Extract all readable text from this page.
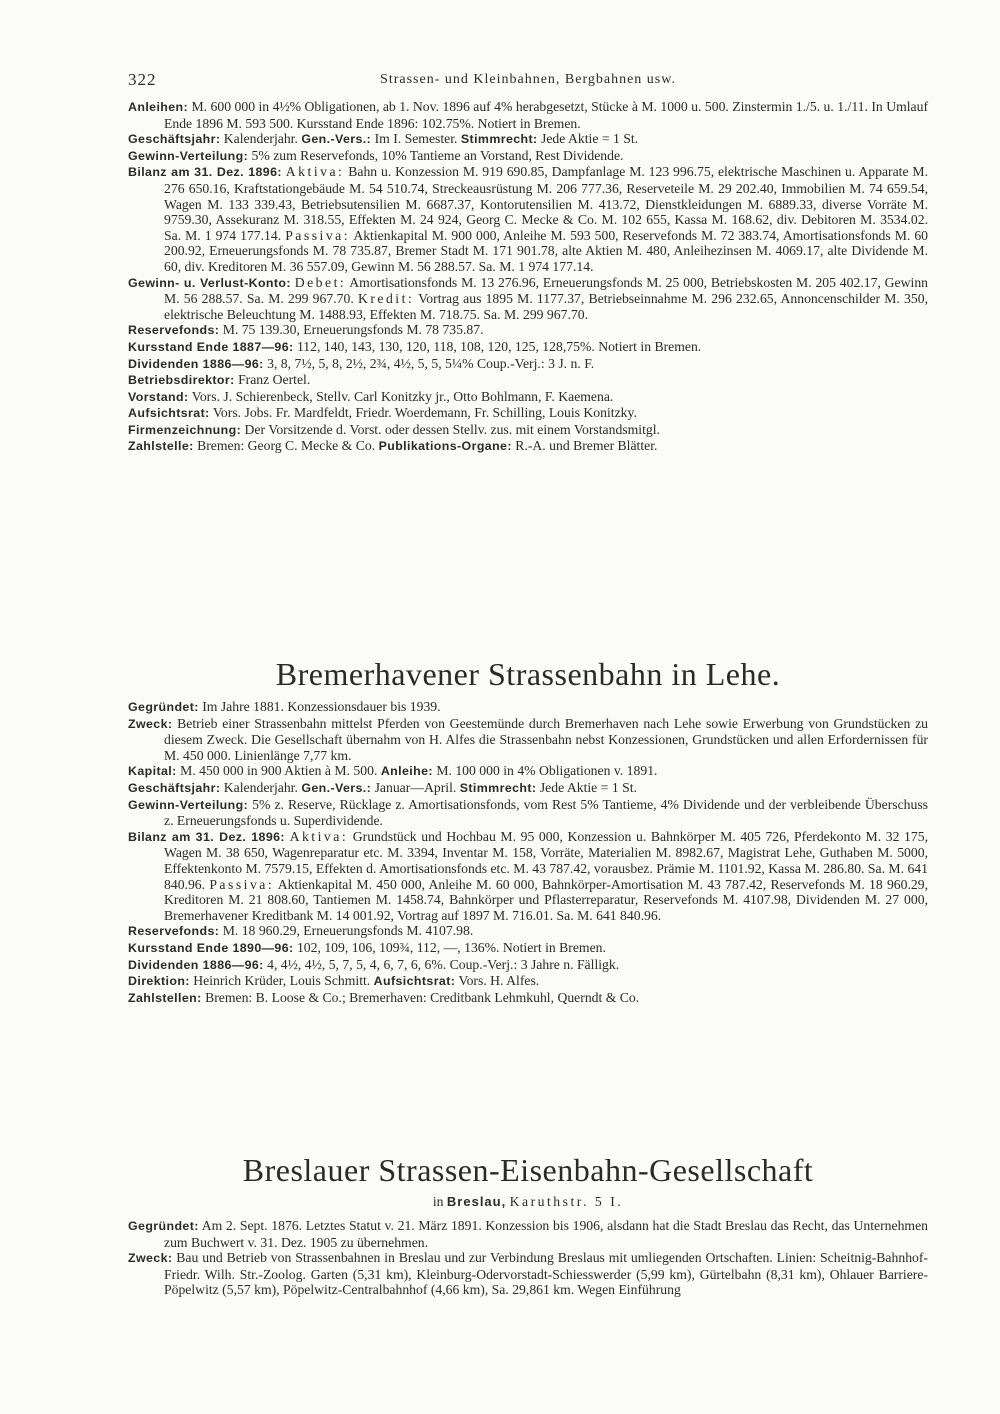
322	Strassen- und Kleinbahnen, Bergbahnen usw.

Anleihen: M. 600 000 in 4½% Obligationen, ab 1. Nov. 1896 auf 4% herabgesetzt, Stücke à M. 1000 u. 500. Zinstermin 1./5. u. 1./11. In Umlauf Ende 1896 M. 593 500. Kursstand Ende 1896: 102.75%. Notiert in Bremen.

Geschäftsjahr: Kalenderjahr. Gen.-Vers.: Im I. Semester. Stimmrecht: Jede Aktie = 1 St.

Gewinn-Verteilung: 5% zum Reservefonds, 10% Tantieme an Vorstand, Rest Dividende.

Bilanz am 31. Dez. 1896: Aktiva: Bahn u. Konzession M. 919 690.85, Dampfanlage M. 123 996.75, elektrische Maschinen u. Apparate M. 276 650.16, Kraftstationgebäude M. 54 510.74, Streckeausrüstung M. 206 777.36, Reserveteile M. 29 202.40, Immobilien M. 74 659.54, Wagen M. 133 339.43, Betriebsutensilien M. 6687.37, Kontorutensilien M. 413.72, Dienstkleidungen M. 6889.33, diverse Vorräte M. 9759.30, Assekuranz M. 318.55, Effekten M. 24 924, Georg C. Mecke & Co. M. 102 655, Kassa M. 168.62, div. Debitoren M. 3534.02. Sa. M. 1 974 177.14. Passiva: Aktienkapital M. 900 000, Anleihe M. 593 500, Reservefonds M. 72 383.74, Amortisationsfonds M. 60 200.92, Erneuerungsfonds M. 78 735.87, Bremer Stadt M. 171 901.78, alte Aktien M. 480, Anleihezinsen M. 4069.17, alte Dividende M. 60, div. Kreditoren M. 36 557.09, Gewinn M. 56 288.57. Sa. M. 1 974 177.14.

Gewinn- u. Verlust-Konto: Debet: Amortisationsfonds M. 13 276.96, Erneuerungsfonds M. 25 000, Betriebskosten M. 205 402.17, Gewinn M. 56 288.57. Sa. M. 299 967.70. Kredit: Vortrag aus 1895 M. 1177.37, Betriebseinnahme M. 296 232.65, Annoncenschilder M. 350, elektrische Beleuchtung M. 1488.93, Effekten M. 718.75. Sa. M. 299 967.70.

Reservefonds: M. 75 139.30, Erneuerungsfonds M. 78 735.87.

Kursstand Ende 1887—96: 112, 140, 143, 130, 120, 118, 108, 120, 125, 128,75%. Notiert in Bremen.

Dividenden 1886—96: 3, 8, 7½, 5, 8, 2½, 2¾, 4½, 5, 5, 5¼% Coup.-Verj.: 3 J. n. F.

Betriebsdirektor: Franz Oertel.

Vorstand: Vors. J. Schierenbeck, Stellv. Carl Konitzky jr., Otto Bohlmann, F. Kaemena.

Aufsichtsrat: Vors. Jobs. Fr. Mardfeldt, Friedr. Woerdemann, Fr. Schilling, Louis Konitzky.

Firmenzeichnung: Der Vorsitzende d. Vorst. oder dessen Stellv. zus. mit einem Vorstandsmitgl.

Zahlstelle: Bremen: Georg C. Mecke & Co. Publikations-Organe: R.-A. und Bremer Blätter.

Bremerhavener Strassenbahn in Lehe.

Gegründet: Im Jahre 1881. Konzessionsdauer bis 1939.

Zweck: Betrieb einer Strassenbahn mittelst Pferden von Geestemünde durch Bremerhaven nach Lehe sowie Erwerbung von Grundstücken zu diesem Zweck. Die Gesellschaft übernahm von H. Alfes die Strassenbahn nebst Konzessionen, Grundstücken und allen Erfordernissen für M. 450 000. Linienlänge 7,77 km.

Kapital: M. 450 000 in 900 Aktien à M. 500. Anleihe: M. 100 000 in 4% Obligationen v. 1891.

Geschäftsjahr: Kalenderjahr. Gen.-Vers.: Januar—April. Stimmrecht: Jede Aktie = 1 St.

Gewinn-Verteilung: 5% z. Reserve, Rücklage z. Amortisationsfonds, vom Rest 5% Tantieme, 4% Dividende und der verbleibende Überschuss z. Erneuerungsfonds u. Superdividende.

Bilanz am 31. Dez. 1896: Aktiva: Grundstück und Hochbau M. 95 000, Konzession u. Bahnkörper M. 405 726, Pferdekonto M. 32 175, Wagen M. 38 650, Wagenreparatur etc. M. 3394, Inventar M. 158, Vorräte, Materialien M. 8982.67, Magistrat Lehe, Guthaben M. 5000, Effektenkonto M. 7579.15, Effekten d. Amortisationsfonds etc. M. 43 787.42, vorausbez. Prämie M. 1101.92, Kassa M. 286.80. Sa. M. 641 840.96. Passiva: Aktienkapital M. 450 000, Anleihe M. 60 000, Bahnkörper-Amortisation M. 43 787.42, Reservefonds M. 18 960.29, Kreditoren M. 21 808.60, Tantiemen M. 1458.74, Bahnkörper und Pflasterreparatur, Reservefonds M. 4107.98, Dividenden M. 27 000, Bremerhavener Kreditbank M. 14 001.92, Vortrag auf 1897 M. 716.01. Sa. M. 641 840.96.

Reservefonds: M. 18 960.29, Erneuerungsfonds M. 4107.98.

Kursstand Ende 1890—96: 102, 109, 106, 109¾, 112, —, 136%. Notiert in Bremen.

Dividenden 1886—96: 4, 4½, 4½, 5, 7, 5, 4, 6, 7, 6, 6%. Coup.-Verj.: 3 Jahre n. Fälligk.

Direktion: Heinrich Krüder, Louis Schmitt. Aufsichtsrat: Vors. H. Alfes.

Zahlstellen: Bremen: B. Loose & Co.; Bremerhaven: Creditbank Lehmkuhl, Querndt & Co.

Breslauer Strassen-Eisenbahn-Gesellschaft
in Breslau, Karuthstr. 5 I.

Gegründet: Am 2. Sept. 1876. Letztes Statut v. 21. März 1891. Konzession bis 1906, alsdann hat die Stadt Breslau das Recht, das Unternehmen zum Buchwert v. 31. Dez. 1905 zu übernehmen.

Zweck: Bau und Betrieb von Strassenbahnen in Breslau und zur Verbindung Breslaus mit umliegenden Ortschaften. Linien: Scheitnig-Bahnhof-Friedr. Wilh. Str.-Zoolog. Garten (5,31 km), Kleinburg-Odervorstadt-Schiesswerder (5,99 km), Gürtelbahn (8,31 km), Ohlauer Barriere-Pöpelwitz (5,57 km), Pöpelwitz-Centralbahnhof (4,66 km), Sa. 29,861 km. Wegen Einführung
